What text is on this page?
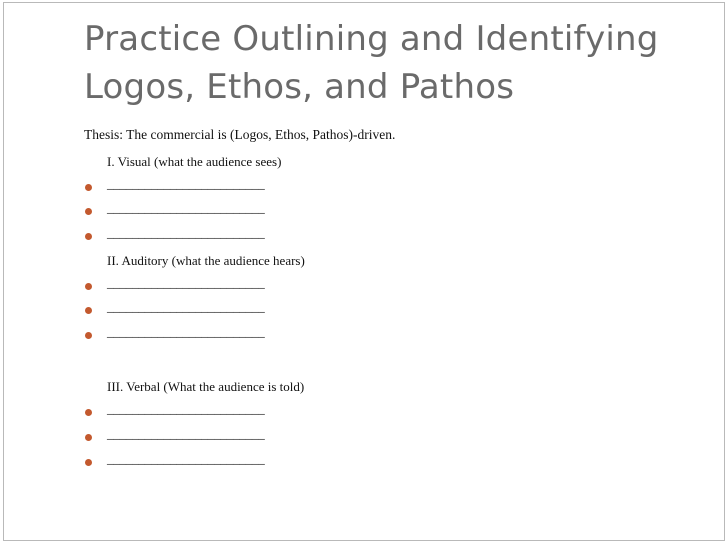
Practice Outlining and Identifying
Logos, Ethos, and Pathos
Thesis: The commercial is (Logos, Ethos, Pathos)-driven.
I. Visual (what the audience sees)
_________________________
_________________________
_________________________
II. Auditory (what the audience hears)
_________________________
_________________________
_________________________
III. Verbal (What the audience is told)
_________________________
_________________________
_________________________
